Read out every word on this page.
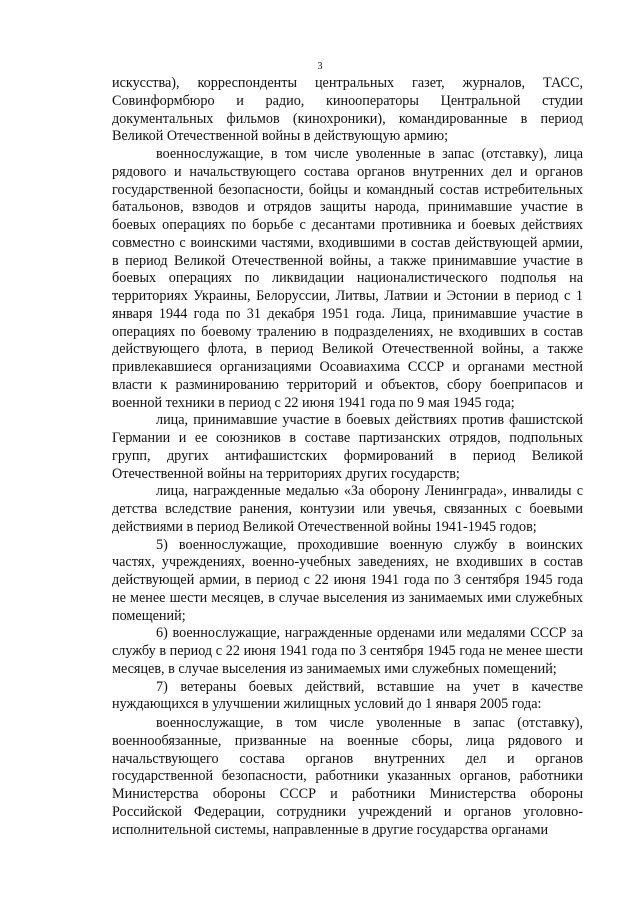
3

искусства), корреспонденты центральных газет, журналов, ТАСС, Совинформбюро и радио, кинооператоры Центральной студии документальных фильмов (кинохроники), командированные в период Великой Отечественной войны в действующую армию;

военнослужащие, в том числе уволенные в запас (отставку), лица рядового и начальствующего состава органов внутренних дел и органов государственной безопасности, бойцы и командный состав истребительных батальонов, взводов и отрядов защиты народа, принимавшие участие в боевых операциях по борьбе с десантами противника и боевых действиях совместно с воинскими частями, входившими в состав действующей армии, в период Великой Отечественной войны, а также принимавшие участие в боевых операциях по ликвидации националистического подполья на территориях Украины, Белоруссии, Литвы, Латвии и Эстонии в период с 1 января 1944 года по 31 декабря 1951 года. Лица, принимавшие участие в операциях по боевому тралению в подразделениях, не входивших в состав действующего флота, в период Великой Отечественной войны, а также привлекавшиеся организациями Осоавиахима СССР и органами местной власти к разминированию территорий и объектов, сбору боеприпасов и военной техники в период с 22 июня 1941 года по 9 мая 1945 года;

лица, принимавшие участие в боевых действиях против фашистской Германии и ее союзников в составе партизанских отрядов, подпольных групп, других антифашистских формирований в период Великой Отечественной войны на территориях других государств;

лица, награжденные медалью «За оборону Ленинграда», инвалиды с детства вследствие ранения, контузии или увечья, связанных с боевыми действиями в период Великой Отечественной войны 1941-1945 годов;

5) военнослужащие, проходившие военную службу в воинских частях, учреждениях, военно-учебных заведениях, не входивших в состав действующей армии, в период с 22 июня 1941 года по 3 сентября 1945 года не менее шести месяцев, в случае выселения из занимаемых ими служебных помещений;

6) военнослужащие, награжденные орденами или медалями СССР за службу в период с 22 июня 1941 года по 3 сентября 1945 года не менее шести месяцев, в случае выселения из занимаемых ими служебных помещений;

7) ветераны боевых действий, вставшие на учет в качестве нуждающихся в улучшении жилищных условий до 1 января 2005 года:

военнослужащие, в том числе уволенные в запас (отставку), военнообязанные, призванные на военные сборы, лица рядового и начальствующего состава органов внутренних дел и органов государственной безопасности, работники указанных органов, работники Министерства обороны СССР и работники Министерства обороны Российской Федерации, сотрудники учреждений и органов уголовно-исполнительной системы, направленные в другие государства органами
